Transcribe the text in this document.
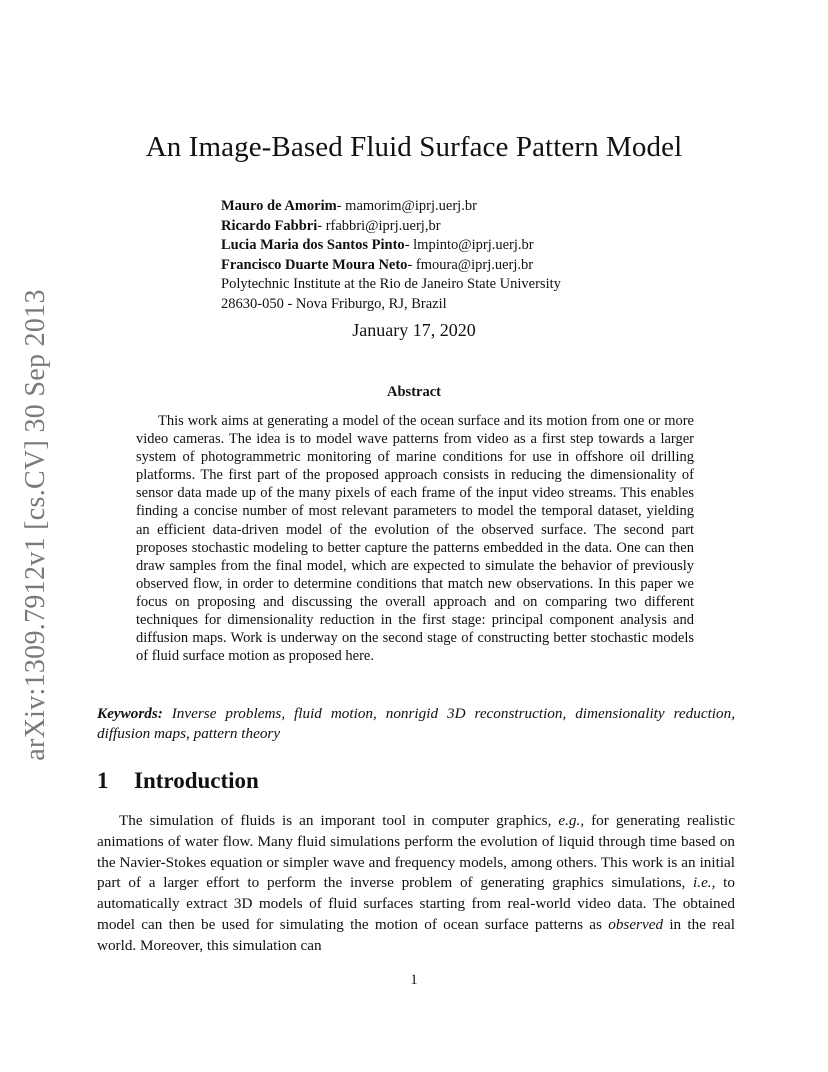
arXiv:1309.7912v1 [cs.CV] 30 Sep 2013
An Image-Based Fluid Surface Pattern Model
Mauro de Amorim- mamorim@iprj.uerj.br
Ricardo Fabbri- rfabbri@iprj.uerj,br
Lucia Maria dos Santos Pinto- lmpinto@iprj.uerj.br
Francisco Duarte Moura Neto- fmoura@iprj.uerj.br
Polytechnic Institute at the Rio de Janeiro State University
28630-050 - Nova Friburgo, RJ, Brazil
January 17, 2020
Abstract
This work aims at generating a model of the ocean surface and its motion from one or more video cameras. The idea is to model wave patterns from video as a first step towards a larger system of photogrammetric monitoring of marine conditions for use in offshore oil drilling platforms. The first part of the proposed approach consists in reducing the dimensionality of sensor data made up of the many pixels of each frame of the input video streams. This enables finding a concise number of most relevant parameters to model the temporal dataset, yielding an efficient data-driven model of the evolution of the observed surface. The second part proposes stochastic modeling to better capture the patterns embedded in the data. One can then draw samples from the final model, which are expected to simulate the behavior of previously observed flow, in order to determine conditions that match new observations. In this paper we focus on proposing and discussing the overall approach and on comparing two different techniques for dimensionality reduction in the first stage: principal component analysis and diffusion maps. Work is underway on the second stage of constructing better stochastic models of fluid surface motion as proposed here.
Keywords: Inverse problems, fluid motion, nonrigid 3D reconstruction, dimensionality reduction, diffusion maps, pattern theory
1 Introduction
The simulation of fluids is an imporant tool in computer graphics, e.g., for generating realistic animations of water flow. Many fluid simulations perform the evolution of liquid through time based on the Navier-Stokes equation or simpler wave and frequency models, among others. This work is an initial part of a larger effort to perform the inverse problem of generating graphics simulations, i.e., to automatically extract 3D models of fluid surfaces starting from real-world video data. The obtained model can then be used for simulating the motion of ocean surface patterns as observed in the real world. Moreover, this simulation can
1
